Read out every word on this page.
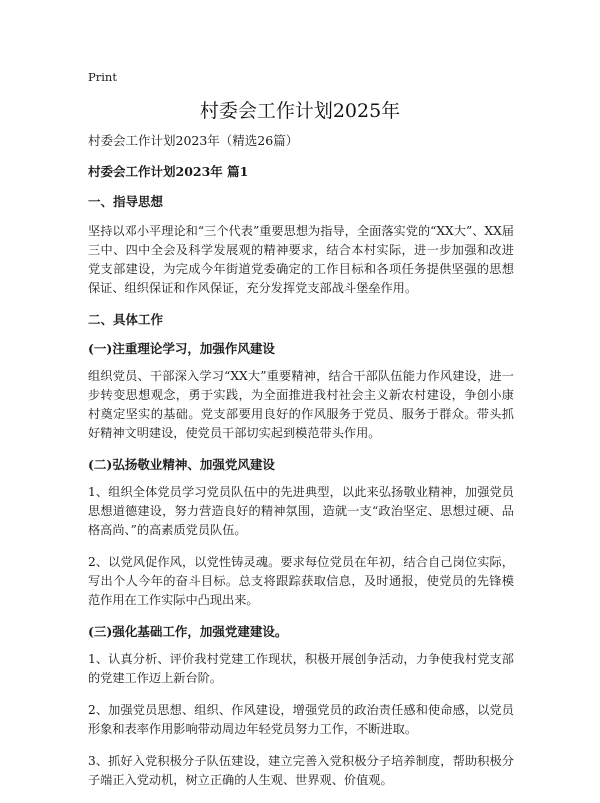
Print
村委会工作计划2025年

村委会工作计划2023年（精选26篇）

村委会工作计划2023年 篇1

一、指导思想

坚持以邓小平理论和“三个代表”重要思想为指导，全面落实党的“XX大”、XX届三中、四中全会及科学发展观的精神要求，结合本村实际，进一步加强和改进党支部建设，为完成今年街道党委确定的工作目标和各项任务提供坚强的思想保证、组织保证和作风保证，充分发挥党支部战斗堡垒作用。

二、具体工作

(一)注重理论学习，加强作风建设

组织党员、干部深入学习“XX大”重要精神，结合干部队伍能力作风建设，进一步转变思想观念，勇于实践，为全面推进我村社会主义新农村建设，争创小康村奠定坚实的基础。党支部要用良好的作风服务于党员、服务于群众。带头抓好精神文明建设，使党员干部切实起到模范带头作用。

(二)弘扬敬业精神、加强党风建设

1、组织全体党员学习党员队伍中的先进典型，以此来弘扬敬业精神，加强党员思想道德建设，努力营造良好的精神氛围，造就一支“政治坚定、思想过硬、品格高尚、”的高素质党员队伍。

2、以党风促作风，以党性铸灵魂。要求每位党员在年初，结合自己岗位实际，写出个人今年的奋斗目标。总支将跟踪获取信息，及时通报，使党员的先锋模范作用在工作实际中凸现出来。

(三)强化基础工作，加强党建建设。

1、认真分析、评价我村党建工作现状，积极开展创争活动，力争使我村党支部的党建工作迈上新台阶。

2、加强党员思想、组织、作风建设，增强党员的政治责任感和使命感，以党员形象和表率作用影响带动周边年轻党员努力工作，不断进取。

3、抓好入党积极分子队伍建设，建立完善入党积极分子培养制度，帮助积极分子端正入党动机，树立正确的人生观、世界观、价值观。
